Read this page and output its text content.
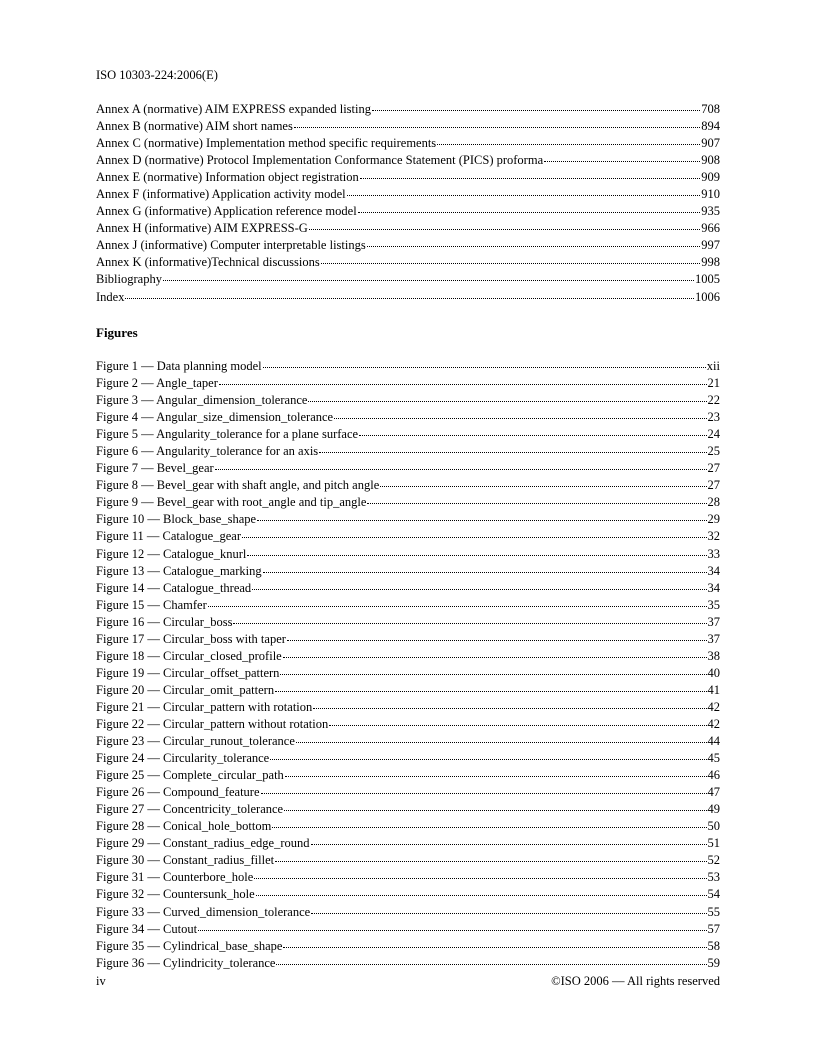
ISO 10303-224:2006(E)
Annex A (normative) AIM EXPRESS expanded listing	708
Annex B (normative) AIM short names	894
Annex C (normative) Implementation method specific requirements	907
Annex D (normative) Protocol Implementation Conformance Statement (PICS) proforma	908
Annex E (normative) Information object registration	909
Annex F (informative) Application activity model	910
Annex G (informative) Application reference model	935
Annex H (informative) AIM EXPRESS-G	966
Annex J (informative) Computer interpretable listings	997
Annex K (informative)Technical discussions	998
Bibliography	1005
Index	1006
Figures
Figure 1 — Data planning model	xii
Figure 2 — Angle_taper	21
Figure 3 — Angular_dimension_tolerance	22
Figure 4 — Angular_size_dimension_tolerance	23
Figure 5 — Angularity_tolerance for a plane surface	24
Figure 6 — Angularity_tolerance for an axis	25
Figure 7 — Bevel_gear	27
Figure 8 — Bevel_gear with shaft angle, and pitch angle	27
Figure 9 — Bevel_gear with root_angle and tip_angle	28
Figure 10 — Block_base_shape	29
Figure 11 — Catalogue_gear	32
Figure 12 — Catalogue_knurl	33
Figure 13 — Catalogue_marking	34
Figure 14 — Catalogue_thread	34
Figure 15 — Chamfer	35
Figure 16 — Circular_boss	37
Figure 17 — Circular_boss with taper	37
Figure 18 — Circular_closed_profile	38
Figure 19 — Circular_offset_pattern	40
Figure 20 — Circular_omit_pattern	41
Figure 21 — Circular_pattern with rotation	42
Figure 22 — Circular_pattern without rotation	42
Figure 23 — Circular_runout_tolerance	44
Figure 24 — Circularity_tolerance	45
Figure 25 — Complete_circular_path	46
Figure 26 — Compound_feature	47
Figure 27 — Concentricity_tolerance	49
Figure 28 — Conical_hole_bottom	50
Figure 29 — Constant_radius_edge_round	51
Figure 30 — Constant_radius_fillet	52
Figure 31 — Counterbore_hole	53
Figure 32 — Countersunk_hole	54
Figure 33 — Curved_dimension_tolerance	55
Figure 34 — Cutout	57
Figure 35 — Cylindrical_base_shape	58
Figure 36 — Cylindricity_tolerance	59
iv	©ISO 2006 — All rights reserved
